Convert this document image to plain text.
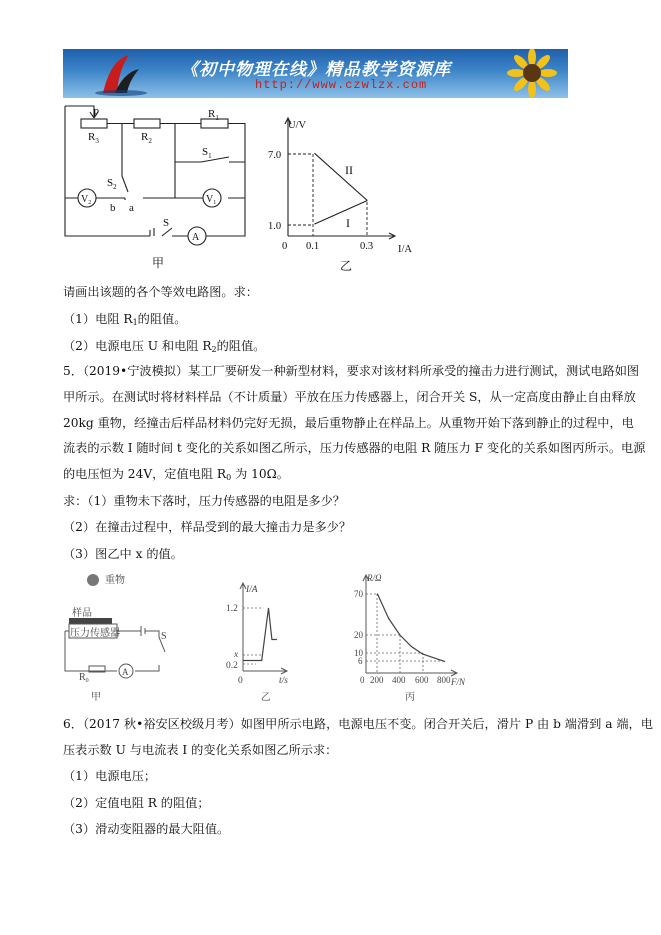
《初中物理在线》精品教学资源库
http://www.czwlzx.com
P
$R_3$	$R_2$
$R_1$
$S_1$
$S_2$
$V_2$	$V_1$
b a
S
A
甲
U/V
I/A
7.0
1.0
0 0.1	0.3
II
I
乙
请画出该题的各个等效电路图。求：
（1）电阻 R1的阻值。
（2）电源电压 U 和电阻 R2的阻值。
5．（2019•宁波模拟）某工厂要研发一种新型材料，要求对该材料所承受的撞击力进行测试，测试电路如图
甲所示。在测试时将材料样品（不计质量）平放在压力传感器上，闭合开关 S，从一定高度由静止自由释放
20kg 重物，经撞击后样品材料仍完好无损，最后重物静止在样品上。从重物开始下落到静止的过程中，电
流表的示数 I 随时间 t 变化的关系如图乙所示，压力传感器的电阻 R 随压力 F 变化的关系如图丙所示。电源
的电压恒为 24V，定值电阻 R0 为 10Ω。
求：（1）重物未下落时，压力传感器的电阻是多少？
（2）在撞击过程中，样品受到的最大撞击力是多少？
（3）图乙中 x 的值。
重物
样品
压力传感器	S
$R_0$
A
甲
I/A
t/s
1.2
x
0.2
0
乙
R/Ω
F/N
70
20
10
6
0 200 400 600 800
丙
6．（2017 秋•裕安区校级月考）如图甲所示电路，电源电压不变。闭合开关后，滑片 P 由 b 端滑到 a 端，电
压表示数 U 与电流表 I 的变化关系如图乙所示求：
（1）电源电压；
（2）定值电阻 R 的阻值；
（3）滑动变阻器的最大阻值。
